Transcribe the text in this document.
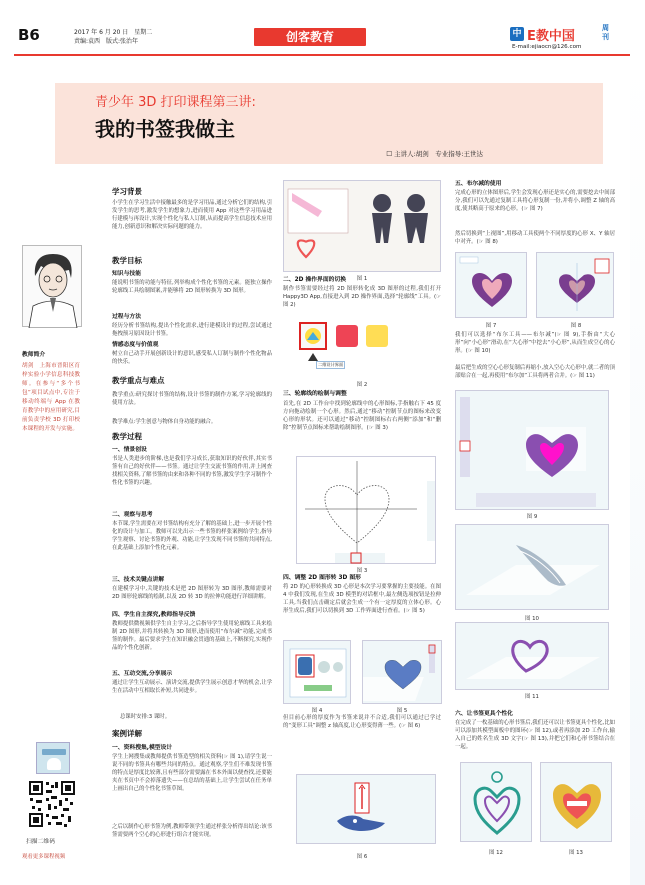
B6	2017 年 6 月 20 日　星期二
责编:袁西　版式:张治年	创客教育	中 E教中国
周刊
E-mail:ejiaocn@126.com
青少年 3D 打印课程第三讲:
我的书签我做主
☐ 主讲人:胡剑　专业指导:王世达
教师简介
胡剑　上海市晋阳区育梓实验小学信息科技教师。在参与“多个书包”项目试点中,专注于移动终端与 App 在教育教学中的应用研究,目前负责学校 3D 打印校本课程的开发与实施。
扫描二维码
观看更多课程视频
学习背景
小学生在学习生活中接触最多的是学习用品,通过分析它们的结构,引发学生的思考,激发学生的想象力,进而使用 App 对这些学习用品进行建模与再设计,实现个性化与私人订制,从而提高学生信息技术应用能力,创新意识和解决实际问题的能力。
教学目标
知识与技能
能说明书签的功能与特征,列举构成个性化书签的元素。能独立操作轮廓线工具绘制图案,并能够将 2D 图形转换为 3D 图形。
过程与方法
经历分析书签结构,提出个性化需求,进行建模设计的过程,尝试通过拖拽预习原因设计书签。
情感态度与价值观
树立自己动手开展创新设计的意识,感受私人订制与制作个性化物品的快乐。
教学重点与难点
教学重点:研究探讨书签的结构,设计书签的制作方案,学习轮廓线的使用方法。
教学难点:学生创意与物体自身功能的融合。
教学过程
一、情景创设
书是人类进步的阶梯,也是我们学习成长,获取知识的好伙伴,其实书签有自己的好伙伴——书签。通过让学生交流书签的作用,并上网查找相关资料,了解书签的由来和各种不同的书签,激发学生学习制作个性化书签的兴趣。
二、观察与思考
本节课,学生需要在对书签结构有充分了解的基础上,进一步开展个性化的设计与加工。教师可以先出示一些书签的样张案例给学生,指导学生观察、讨论书签的外观、功能,让学生发现不同书签的共同特点,在此基础上添加个性化元素。
三、技术关键点讲解
在建模学习中,关键的技术是把 2D 图形转为 3D 图形,教师需要对 2D 图形轮廓线的绘制,以及 2D 转 3D 的拉伸功能进行详细讲解。
四、学生自主探究,教师指导反馈
教师提供微视频供学生自主学习,之后指导学生使用轮廓线工具来绘制 2D 图形,并将其转换为 3D 图形,进而使用“布尔减”功能,完成书签的制作。最后要求学生在知识融会贯通的基础上,不断探究,实现作品的个性化创新。
五、互动交流,分享展示
通过让学生互动展示、演讲交流,提供学生展示创意才华的机会,让学生在活动中互相取长补短,共同进步。
总课时安排:3 课时。
案例详解
一、资料搜集,模型设计
学生上网搜集或教师提供书签造型的相关资料(☞ 图 1),请学生说一说不同的书签具有哪些共同的特点。通过观察,学生们不难发现书签的特点是厚度比较薄,且有些部分需要露在书本外面以便查找,还要能夹在书页中不会掉落遗失——在总结的基础上,让学生尝试在任务单上画出自己的个性化书签草图。
之后以制作心形书签为例,教师带领学生通过样张分析得出结论:该书签需要两个空心的心形进行组合才能实现。
图 1
二、2D 操作界面的切换
制作书签需要经过将 2D 图形转化成 3D 图形的过程,我们打开 Happy3D App,直接进入到 2D 操作界面,选择“轮廓线”工具。(☞ 图 2)
二维设计界面
图 2
三、轮廓线的绘制与调整
首先,在 2D 工作台中找到轮廓线中的心形图标,手指触右下 45 度方向拖动绘制一个心形。然后,通过“移动”控制节点的图标来改变心形的形状。还可以通过“移动”控制图标右右两侧“添加”和“删除”控制节点图标来帮助绘制图形。(☞ 图 3)
图 3
四、调整 2D 图形转 3D 图形
将 2D 的心形转换成 3D 心形是本次学习要掌握的主要技能。在图 4 中我们发现,在生成 3D 模型的对话框中,最左侧选项按钮是拉伸工具,当我们点击确定后就会生成一个有一定厚度的立体心形。心形生成后,我们可以切换到 3D 工作界面进行查看。(☞ 图 5)
图 4	图 5
但目前心形的厚度作为书签来说并不合适,我们可以通过已学过的“变形工具”调整 z 轴高度,让心形变得薄一些。(☞ 图 6)
图 6
五、布尔减的使用
完成心形的立体图形后,学生会发现心形还是实心的,需要挖去中间部分,我们可以先通过复制工具将心形复制一份,并将小,调整 Z 轴的高度,使其略高于原来的心形。(☞ 图 7)
然后切换到“上视图”,用移动工具使两个不同厚度的心形 X、Y 轴居中对齐。(☞ 图 8)
图 7	图 8
我们可以选择“布尔工具——布尔减”(☞ 图 9),手指由“大心形”向“小心形”滑动,在“大心形”中挖去“小心形”,从而生成空心的心形。(☞ 图 10)
最后把生成的空心心形复制后再缩小,放入空心大心形中,就二者的顶部贴合在一起,再使用“布尔加”工具将两者合并。(☞ 图 11)
图 9
图 10
图 11
六、让书签更具个性化
在完成了一枚基础的心形书签后,我们还可以让书签更具个性化,比如可以添加其模型面板中的图环(☞ 图 12),或者再添加 2D 工作台,输入自己的姓名生成 3D 文字(☞ 图 13),并把它们和心形书签结合在一起。
图 12	图 13
